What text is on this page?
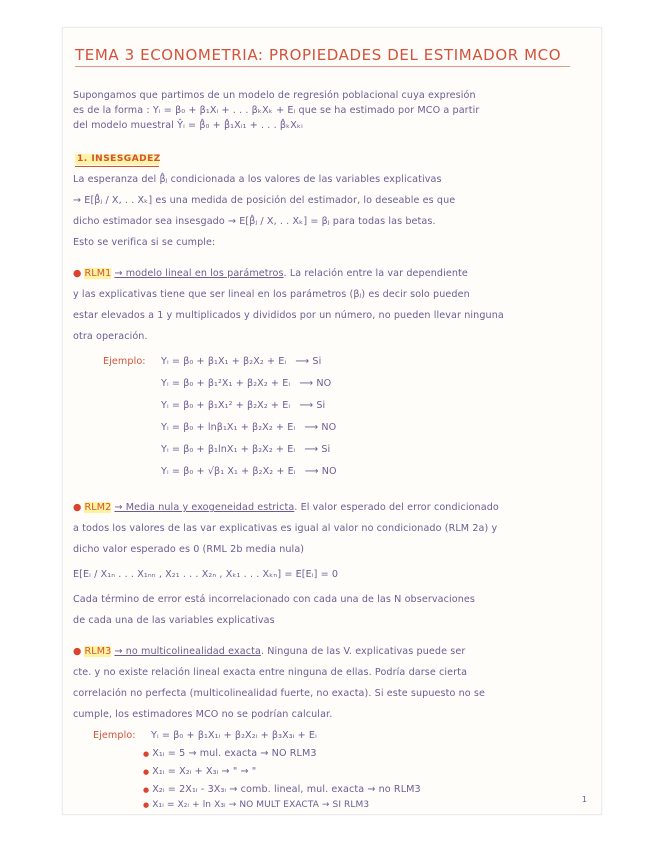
TEMA 3 ECONOMETRIA: PROPIEDADES DEL ESTIMADOR MCO
Supongamos que partimos de un modelo de regresión poblacional cuya expresión
es de la forma : Yᵢ = β₀ + β₁Xᵢ + . . . βₖXₖ + Eᵢ que se ha estimado por MCO a partir
del modelo muestral Ŷᵢ = β̂₀ + β̂₁Xᵢ₁ + . . . β̂ₖXₖᵢ
1. INSESGADEZ
La esperanza del β̂ⱼ condicionada a los valores de las variables explicativas
→ E[β̂ⱼ / X, . . Xₖ] es una medida de posición del estimador, lo deseable es que
dicho estimador sea insesgado → E[β̂ⱼ / X, . . Xₖ] = βⱼ para todas las betas.
Esto se verifica si se cumple:
● RLM1 → modelo lineal en los parámetros. La relación entre la var dependiente
y las explicativas tiene que ser lineal en los parámetros (βⱼ) es decir solo pueden
estar elevados a 1 y multiplicados y divididos por un número, no pueden llevar ninguna
otra operación.
Ejemplo: Yᵢ = β₀ + β₁X₁ + β₂X₂ + Eᵢ ⟶ Si
Yᵢ = β₀ + β₁²X₁ + β₂X₂ + Eᵢ ⟶ NO
Yᵢ = β₀ + β₁X₁² + β₂X₂ + Eᵢ ⟶ Si
Yᵢ = β₀ + lnβ₁X₁ + β₂X₂ + Eᵢ ⟶ NO
Yᵢ = β₀ + β₁lnX₁ + β₂X₂ + Eᵢ ⟶ Si
Yᵢ = β₀ + √β₁ X₁ + β₂X₂ + Eᵢ ⟶ NO
● RLM2 → Media nula y exogeneidad estricta. El valor esperado del error condicionado
a todos los valores de las var explicativas es igual al valor no condicionado (RLM 2a) y
dicho valor esperado es 0 (RML 2b media nula)
E[Eᵢ / X₁ₙ . . . X₁ₙₙ , X₂₁ . . . X₂ₙ , Xₖ₁ . . . Xₖₙ] = E[Eᵢ] = 0
Cada término de error está incorrelacionado con cada una de las N observaciones
de cada una de las variables explicativas
● RLM3 → no multicolinealidad exacta. Ninguna de las V. explicativas puede ser
cte. y no existe relación lineal exacta entre ninguna de ellas. Podría darse cierta
correlación no perfecta (multicolinealidad fuerte, no exacta). Si este supuesto no se
cumple, los estimadores MCO no se podrían calcular.
Ejemplo: Yᵢ = β₀ + β₁X₁ᵢ + β₂X₂ᵢ + β₃X₃ᵢ + Eᵢ
● X₁ᵢ = 5 → mul. exacta → NO RLM3
● X₁ᵢ = X₂ᵢ + X₃ᵢ → " → "
● X₂ᵢ = 2X₁ᵢ - 3X₃ᵢ → comb. lineal, mul. exacta → no RLM3
● X₁ᵢ = X₂ᵢ + ln X₃ᵢ → NO MULT EXACTA → SI RLM3
1
